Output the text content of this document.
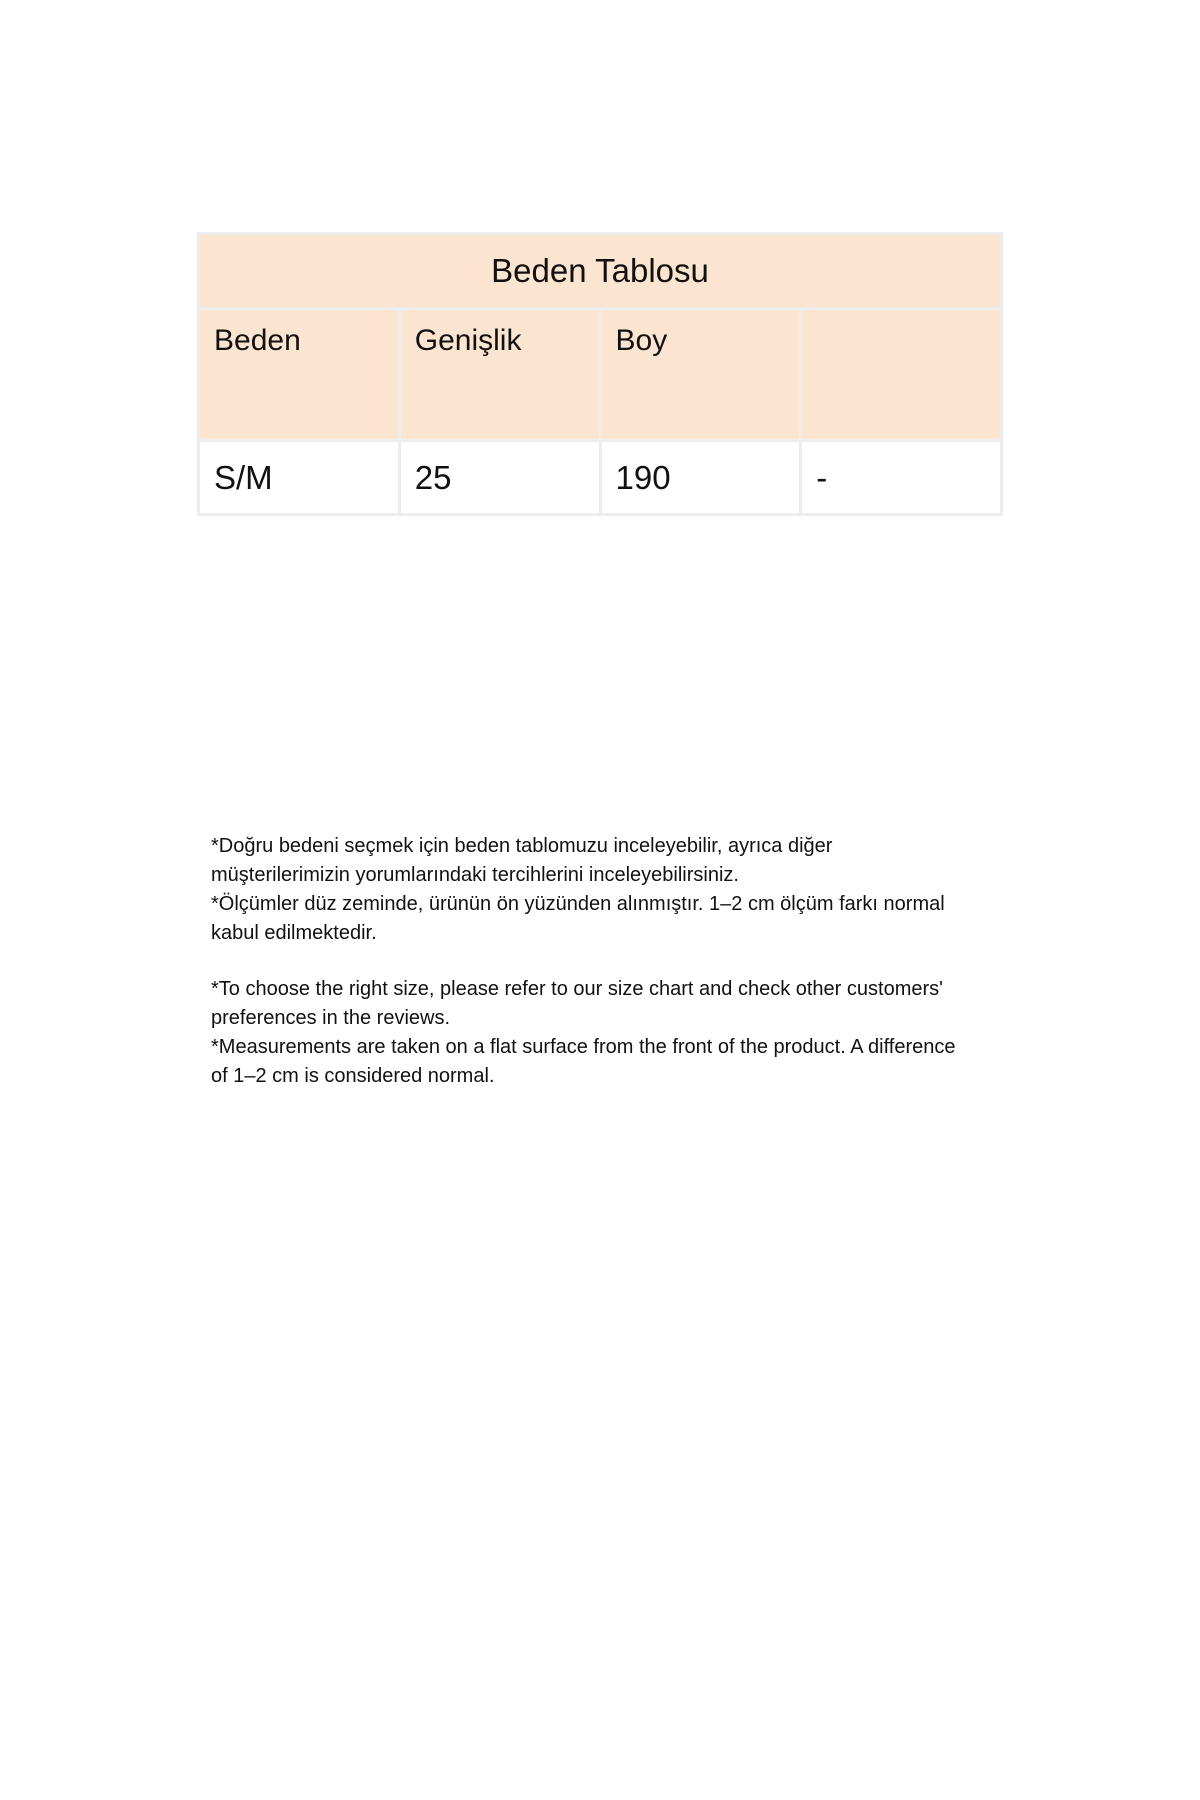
Beden Tablosu			
Beden	Genişlik	Boy	
S/M	25	190	-

*Doğru bedeni seçmek için beden tablomuzu inceleyebilir, ayrıca diğer müşterilerimizin yorumlarındaki tercihlerini inceleyebilirsiniz.

*Ölçümler düz zeminde, ürünün ön yüzünden alınmıştır. 1–2 cm ölçüm farkı normal kabul edilmektedir.

*To choose the right size, please refer to our size chart and check other customers' preferences in the reviews.

*Measurements are taken on a flat surface from the front of the product. A difference of 1–2 cm is considered normal.
